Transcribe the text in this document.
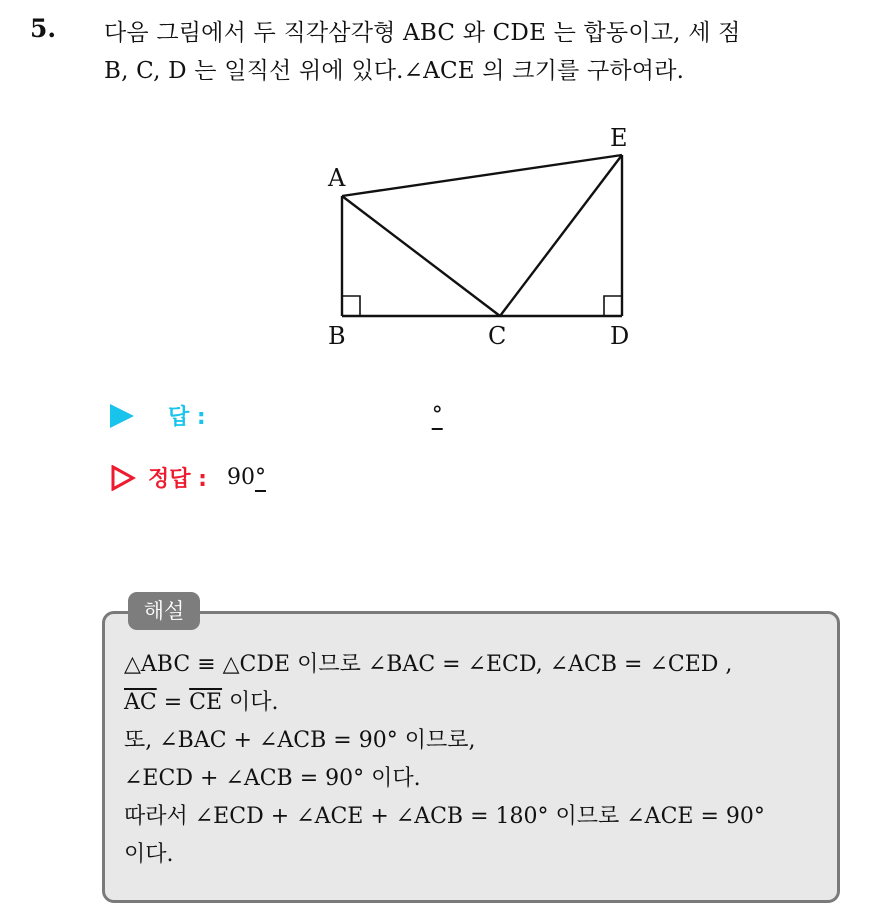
5. 다음 그림에서 두 직각삼각형 ABC 와 CDE 는 합동이고, 세 점
B, C, D 는 일직선 위에 있다.∠ACE 의 크기를 구하여라.
A
B	C	D
E
답 :	°
정답 : 90°
해설
△ABC ≡ △CDE 이므로 ∠BAC = ∠ECD, ∠ACB = ∠CED ,
$\overline{AC} = \overline{CE}$ 이다.
또, ∠BAC + ∠ACB = 90° 이므로,
∠ECD + ∠ACB = 90° 이다.
따라서 ∠ECD + ∠ACE + ∠ACB = 180° 이므로 ∠ACE = 90°
이다.
